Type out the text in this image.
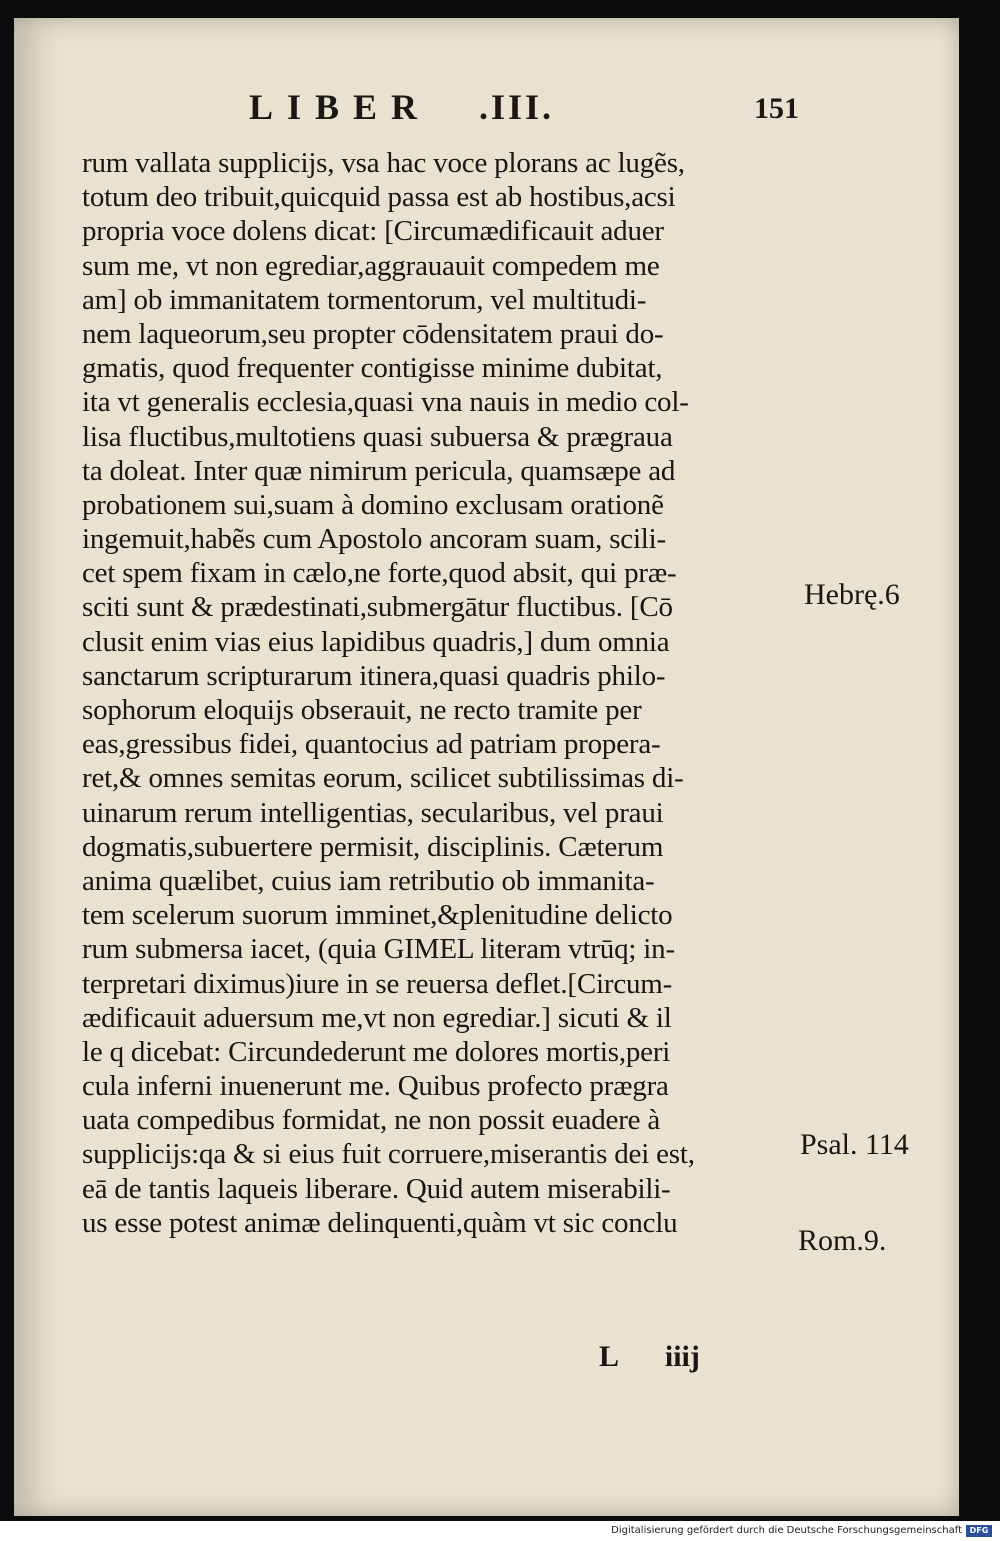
LIBER .III.	151
rum vallata supplicijs, vsa hac voce plorans ac lugẽs,
totum deo tribuit,quicquid passa est ab hostibus,acsi
propria voce dolens dicat: [Circumædificauit aduer
sum me, vt non egrediar,aggrauauit compedem me
am] ob immanitatem tormentorum, vel multitudi-
nem laqueorum,seu propter cōdensitatem praui do-
gmatis, quod frequenter contigisse minime dubitat,
ita vt generalis ecclesia,quasi vna nauis in medio col-
lisa fluctibus,multotiens quasi subuersa & prægraua
ta doleat. Inter quæ nimirum pericula, quamsæpe ad
probationem sui,suam à domino exclusam orationẽ
ingemuit,habẽs cum Apostolo ancoram suam, scili-
cet spem fixam in cælo,ne forte,quod absit, qui præ-
sciti sunt & prædestinati,submergātur fluctibus. [Cō
clusit enim vias eius lapidibus quadris,] dum omnia
sanctarum scripturarum itinera,quasi quadris philo-
sophorum eloquijs obserauit, ne recto tramite per
eas,gressibus fidei, quantocius ad patriam propera-
ret,& omnes semitas eorum, scilicet subtilissimas di-
uinarum rerum intelligentias, secularibus, vel praui
dogmatis,subuertere permisit, disciplinis. Cæterum
anima quælibet, cuius iam retributio ob immanita-
tem scelerum suorum imminet,&plenitudine delicto
rum submersa iacet, (quia GIMEL literam vtrūq; in-
terpretari diximus)iure in se reuersa deflet.[Circum-
ædificauit aduersum me,vt non egrediar.] sicuti & il
le q dicebat: Circundederunt me dolores mortis,peri
cula inferni inuenerunt me. Quibus profecto prægra
uata compedibus formidat, ne non possit euadere à
supplicijs:qa & si eius fuit corruere,miserantis dei est,
eā de tantis laqueis liberare. Quid autem miserabili-
us esse potest animæ delinquenti,quàm vt sic conclu
Hebrę.6
Psal. 114
Rom.9.
L iiij
Digitalisierung gefördert durch die Deutsche Forschungsgemeinschaft DFG
